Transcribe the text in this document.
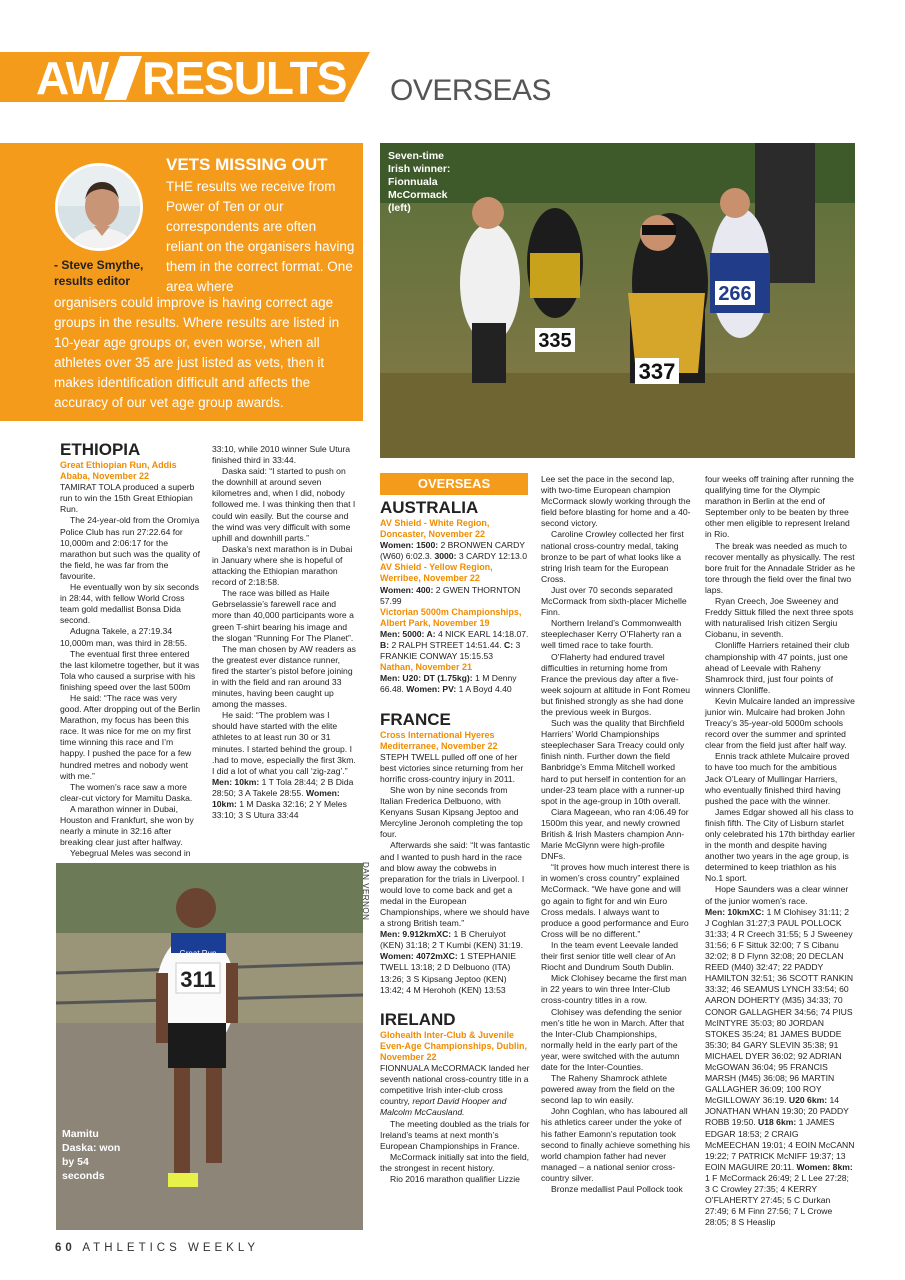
AW RESULTS OVERSEAS
VETS MISSING OUT
THE results we receive from Power of Ten or our correspondents are often reliant on the organisers having them in the correct format. One area where
- Steve Smythe, results editor
organisers could improve is having correct age groups in the results. Where results are listed in 10-year age groups or, even worse, when all athletes over 35 are just listed as vets, then it makes identification difficult and affects the accuracy of our vet age group awards.
337
335
266
Seven-time Irish winner: Fionnuala McCormack (left)
ETHIOPIA
Great Ethiopian Run, Addis Ababa, November 22

TAMIRAT TOLA produced a superb run to win the 15th Great Ethiopian Run.

The 24-year-old from the Oromiya Police Club has run 27:22.64 for 10,000m and 2:06:17 for the marathon but such was the quality of the field, he was far from the favourite.

He eventually won by six seconds in 28:44, with fellow World Cross team gold medallist Bonsa Dida second.

Adugna Takele, a 27:19.34 10,000m man, was third in 28:55.

The eventual first three entered the last kilometre together, but it was Tola who caused a surprise with his finishing speed over the last 500m

He said: “The race was very good. After dropping out of the Berlin Marathon, my focus has been this race. It was nice for me on my first time winning this race and I’m happy. I pushed the pace for a few hundred metres and nobody went with me.”

The women’s race saw a more clear-cut victory for Mamitu Daska.

A marathon winner in Dubai, Houston and Frankfurt, she won by nearly a minute in 32:16 after breaking clear just after halfway.

Yebegrual Meles was second in

33:10, while 2010 winner Sule Utura finished third in 33:44.

Daska said: “I started to push on the downhill at around seven kilometres and, when I did, nobody followed me. I was thinking then that I could win easily. But the course and the wind was very difficult with some uphill and downhill parts.”

Daska’s next marathon is in Dubai in January where she is hopeful of attacking the Ethiopian marathon record of 2:18:58.

The race was billed as Haile Gebrselassie’s farewell race and more than 40,000 participants wore a green T-shirt bearing his image and the slogan “Running For The Planet”.

The man chosen by AW readers as the greatest ever distance runner, fired the starter’s pistol before joining in with the field and ran around 33 minutes, having been caught up among the masses.

He said: “The problem was I should have started with the elite athletes to at least run 30 or 31 minutes. I started behind the group. I .had to move, especially the first 3km. I did a lot of what you call ‘zig-zag’.”

Men: 10km: 1 T Tola 28:44; 2 B Dida 28:50; 3 A Takele 28:55. Women: 10km: 1 M Daska 32:16; 2 Y Meles 33:10; 3 S Utura 33:44

Great Run
311
DAN VERNON
Mamitu Daska: won by 54 seconds
OVERSEAS
AUSTRALIA
AV Shield - White Region, Doncaster, November 22

Women: 1500: 2 BRONWEN CARDY (W60) 6:02.3. 3000: 3 CARDY 12:13.0

AV Shield - Yellow Region, Werribee, November 22

Women: 400: 2 GWEN THORNTON 57.99

Victorian 5000m Championships, Albert Park, November 19

Men: 5000: A: 4 NICK EARL 14:18.07. B: 2 RALPH STREET 14:51.44. C: 3 FRANKIE CONWAY 15:15.53

Nathan, November 21

Men: U20: DT (1.75kg): 1 M Denny 66.48. Women: PV: 1 A Boyd 4.40

FRANCE
Cross International Hyeres Mediterranee, November 22

STEPH TWELL pulled off one of her best victories since returning from her horrific cross-country injury in 2011.

She won by nine seconds from Italian Frederica Delbuono, with Kenyans Susan Kipsang Jeptoo and Mercyline Jeronoh completing the top four.

Afterwards she said: “It was fantastic and I wanted to push hard in the race and blow away the cobwebs in preparation for the trials in Liverpool. I would love to come back and get a medal in the European Championships, where we should have a strong British team.”

Men: 9.912kmXC: 1 B Cheruiyot (KEN) 31:18; 2 T Kumbi (KEN) 31:19. Women: 4072mXC: 1 STEPHANIE TWELL 13:18; 2 D Delbuono (ITA) 13:26; 3 S Kipsang Jeptoo (KEN) 13:42; 4 M Herohoh (KEN) 13:53

IRELAND
Glohealth Inter-Club & Juvenile Even-Age Championships, Dublin, November 22

FIONNUALA McCORMACK landed her seventh national cross-country title in a competitive Irish inter-club cross country, report David Hooper and Malcolm McCausland.

The meeting doubled as the trials for Ireland’s teams at next month’s European Championships in France.

McCormack initially sat into the field, the strongest in recent history.

Rio 2016 marathon qualifier Lizzie

Lee set the pace in the second lap, with two-time European champion McCormack slowly working through the field before blasting for home and a 40-second victory.

Caroline Crowley collected her first national cross-country medal, taking bronze to be part of what looks like a string Irish team for the European Cross.

Just over 70 seconds separated McCormack from sixth-placer Michelle Finn.

Northern Ireland’s Commonwealth steeplechaser Kerry O’Flaherty ran a well timed race to take fourth.

O’Flaherty had endured travel difficulties in returning home from France the previous day after a five-week sojourn at altitude in Font Romeu but finished strongly as she had done the previous week in Burgos.

Such was the quality that Birchfield Harriers’ World Championships steeplechaser Sara Treacy could only finish ninth. Further down the field Banbridge’s Emma Mitchell worked hard to put herself in contention for an under-23 team place with a runner-up spot in the age-group in 10th overall.

Ciara Mageean, who ran 4:06.49 for 1500m this year, and newly crowned British & Irish Masters champion Ann-Marie McGlynn were high-profile DNFs.

“It proves how much interest there is in women’s cross country” explained McCormack. “We have gone and will go again to fight for and win Euro Cross medals. I always want to produce a good performance and Euro Cross will be no different.”

In the team event Leevale landed their first senior title well clear of An Riocht and Dundrum South Dublin.

Mick Clohisey became the first man in 22 years to win three Inter-Club cross-country titles in a row.

Clohisey was defending the senior men’s title he won in March. After that the Inter-Club Championships, normally held in the early part of the year, were switched with the autumn date for the Inter-Counties.

The Raheny Shamrock athlete powered away from the field on the second lap to win easily.

John Coghlan, who has laboured all his athletics career under the yoke of his father Eamonn’s reputation took second to finally achieve something his world champion father had never managed – a national senior cross-country silver.

Bronze medallist Paul Pollock took

four weeks off training after running the qualifying time for the Olympic marathon in Berlin at the end of September only to be beaten by three other men eligible to represent Ireland in Rio.

The break was needed as much to recover mentally as physically. The rest bore fruit for the Annadale Strider as he tore through the field over the final two laps.

Ryan Creech, Joe Sweeney and Freddy Sittuk filled the next three spots with naturalised Irish citizen Sergiu Ciobanu, in seventh.

Clonliffe Harriers retained their club championship with 47 points, just one ahead of Leevale with Raheny Shamrock third, just four points of winners Clonliffe.

Kevin Mulcaire landed an impressive junior win. Mulcaire had broken John Treacy’s 35-year-old 5000m schools record over the summer and sprinted clear from the field just after half way.

Ennis track athlete Mulcaire proved to have too much for the ambitious Jack O’Leary of Mullingar Harriers, who eventually finished third having pushed the pace with the winner.

James Edgar showed all his class to finish fifth. The City of Lisburn starlet only celebrated his 17th birthday earlier in the month and despite having another two years in the age group, is determined to keep triathlon as his No.1 sport.

Hope Saunders was a clear winner of the junior women’s race.

Men: 10kmXC: 1 M Clohisey 31:11; 2 J Coghlan 31:27;3 PAUL POLLOCK 31:33; 4 R Creech 31:55; 5 J Sweeney 31:56; 6 F Sittuk 32:00; 7 S Cibanu 32:02; 8 D Flynn 32:08; 20 DECLAN REED (M40) 32:47; 22 PADDY HAMILTON 32:51; 36 SCOTT RANKIN 33:32; 46 SEAMUS LYNCH 33:54; 60 AARON DOHERTY (M35) 34:33; 70 CONOR GALLAGHER 34:56; 74 PIUS McINTYRE 35:03; 80 JORDAN STOKES 35:24; 81 JAMES BUDDE 35:30; 84 GARY SLEVIN 35:38; 91 MICHAEL DYER 36:02; 92 ADRIAN McGOWAN 36:04; 95 FRANCIS MARSH (M45) 36:08; 96 MARTIN GALLAGHER 36:09; 100 ROY McGILLOWAY 36:19. U20 6km: 14 JONATHAN WHAN 19:30; 20 PADDY ROBB 19:50. U18 6km: 1 JAMES EDGAR 18:53; 2 CRAIG McMEECHAN 19:01; 4 EOIN McCANN 19:22; 7 PATRICK McNIFF 19:37; 13 EOIN MAGUIRE 20:11. Women: 8km: 1 F McCormack 26:49; 2 L Lee 27:28; 3 C Crowley 27:35; 4 KERRY O’FLAHERTY 27:45; 5 C Durkan 27:49; 6 M Finn 27:56; 7 L Crowe 28:05; 8 S Heaslip

60 ATHLETICS WEEKLY
